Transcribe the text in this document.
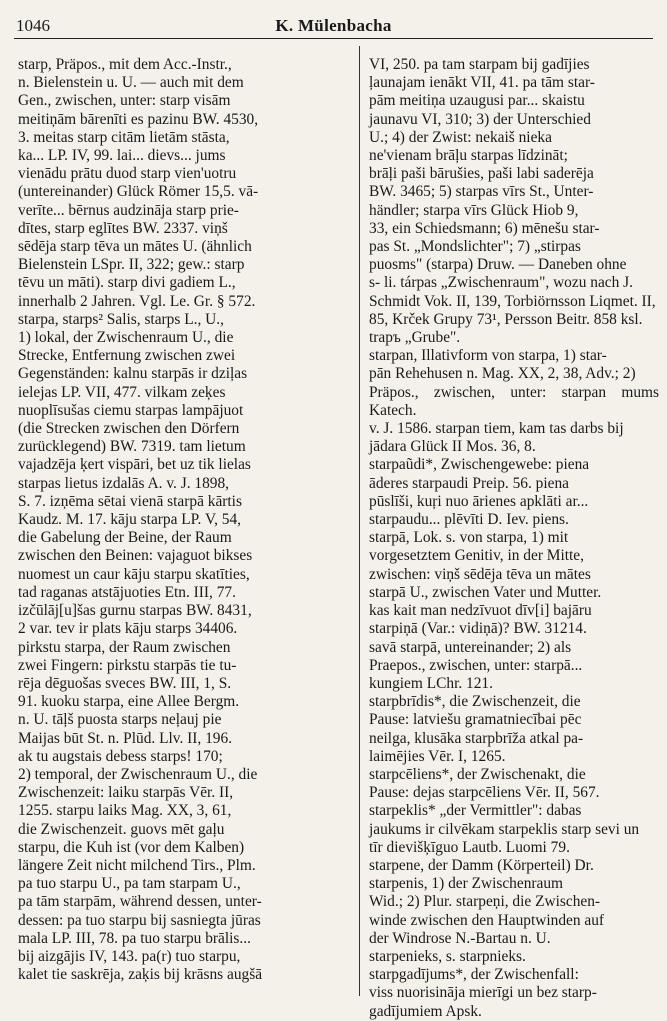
1046	K. Mülenbacha

starp, Präpos., mit dem Acc.-Instr.,

n. Bielenstein u. U. — auch mit dem

Gen., zwischen, unter: starp visām

meitiņām bārenīti es pazinu BW. 4530,

3. meitas starp citām lietām stāsta,

ka... LP. IV, 99. lai... dievs... jums

vienādu prātu duod starp vien'uotru

(untereinander) Glück Römer 15,5. vā-

verīte... bērnus audzināja starp prie-

dītes, starp eglītes BW. 2337. viņš

sēdēja starp tēva un mātes U. (ähnlich

Bielenstein LSpr. II, 322; gew.: starp

tēvu un māti). starp divi gadiem L.,

innerhalb 2 Jahren. Vgl. Le. Gr. § 572.

starpa, starps² Salis, starps L., U.,

1) lokal, der Zwischenraum U., die

Strecke, Entfernung zwischen zwei

Gegenständen: kalnu starpās ir dziļas

ielejas LP. VII, 477. vilkam zeķes

nuoplīsušas ciemu starpas lampājuot

(die Strecken zwischen den Dörfern

zurücklegend) BW. 7319. tam lietum

vajadzēja ķert vispāri, bet uz tik lielas

starpas lietus izdalās A. v. J. 1898,

S. 7. izņēma sētai vienā starpā kārtis

Kaudz. M. 17. kāju starpa LP. V, 54,

die Gabelung der Beine, der Raum

zwischen den Beinen: vajaguot bikses

nuomest un caur kāju starpu skatīties,

tad raganas atstājuoties Etn. III, 77.

izčūlāj[u]šas gurnu starpas BW. 8431,

2 var. tev ir plats kāju starps 34406.

pirkstu starpa, der Raum zwischen

zwei Fingern: pirkstu starpās tie tu-

rēja dēguošas sveces BW. III, 1, S.

91. kuoku starpa, eine Allee Bergm.

n. U. tāļš puosta starps neļauj pie

Maijas būt St. n. Plūd. Llv. II, 196.

ak tu augstais debess starps! 170;

2) temporal, der Zwischenraum U., die

Zwischenzeit: laiku starpās Vēr. II,

1255. starpu laiks Mag. XX, 3, 61,

die Zwischenzeit. guovs mēt gaļu

starpu, die Kuh ist (vor dem Kalben)

längere Zeit nicht milchend Tirs., Plm.

pa tuo starpu U., pa tam starpam U.,

pa tām starpām, während dessen, unter-

dessen: pa tuo starpu bij sasniegta jūras

mala LP. III, 78. pa tuo starpu brālis...

bij aizgājis IV, 143. pa(r) tuo starpu,

kalet tie saskrēja, zaķis bij krāsns augšā

VI, 250. pa tam starpam bij gadījies

ļaunajam ienākt VII, 41. pa tām star-

pām meitiņa uzaugusi par... skaistu

jaunavu VI, 310; 3) der Unterschied

U.; 4) der Zwist: nekaiš nieka

ne'vienam brāļu starpas līdzināt;

brāļi paši bārušies, paši labi saderēja

BW. 3465; 5) starpas vīrs St., Unter-

händler; starpa vīrs Glück Hiob 9,

33, ein Schiedsmann; 6) mēnešu star-

pas St. „Mondslichter"; 7) „stirpas

puosms" (starpa) Druw. — Daneben ohne

s- li. tárpas „Zwischenraum", wozu nach J.

Schmidt Vok. II, 139, Torbiörnsson Liqmet. II,

85, Krček Grupy 73¹, Persson Beitr. 858 ksl.

trapъ „Grube".

starpan, Illativform von starpa, 1) star-

pān Rehehusen n. Mag. XX, 2, 38, Adv.; 2)

Präpos., zwischen, unter: starpan mums Katech.

v. J. 1586. starpan tiem, kam tas darbs bij

jādara Glück II Mos. 36, 8.

starpaũdi*, Zwischengewebe: piena

āderes starpaudi Preip. 56. piena

pūslīši, kuŗi nuo ārienes apklāti ar...

starpaudu... plēvīti D. Iev. piens.

starpā, Lok. s. von starpa, 1) mit

vorgesetztem Genitiv, in der Mitte,

zwischen: viņš sēdēja tēva un mātes

starpā U., zwischen Vater und Mutter.

kas kait man nedzīvuot dīv[i] bajāru

starpiņā (Var.: vidiņā)? BW. 31214.

savā starpā, untereinander; 2) als

Praepos., zwischen, unter: starpā...

kungiem LChr. 121.

starpbrīdis*, die Zwischenzeit, die

Pause: latviešu gramatniecībai pēc

neilga, klusāka starpbrīža atkal pa-

laimējies Vēr. I, 1265.

starpcēliens*, der Zwischenakt, die

Pause: dejas starpcēliens Vēr. II, 567.

starpeklis* „der Vermittler": dabas

jaukums ir cilvēkam starpeklis starp sevi un

tīr dievišķīguo Lautb. Luomi 79.

starpene, der Damm (Körperteil) Dr.

starpenis, 1) der Zwischenraum

Wid.; 2) Plur. starpeņi, die Zwischen-

winde zwischen den Hauptwinden auf

der Windrose N.-Bartau n. U.

starpenieks, s. starpnieks.

starpgadījums*, der Zwischenfall:

viss nuorisināja mierīgi un bez starp-

gadījumiem Apsk.
